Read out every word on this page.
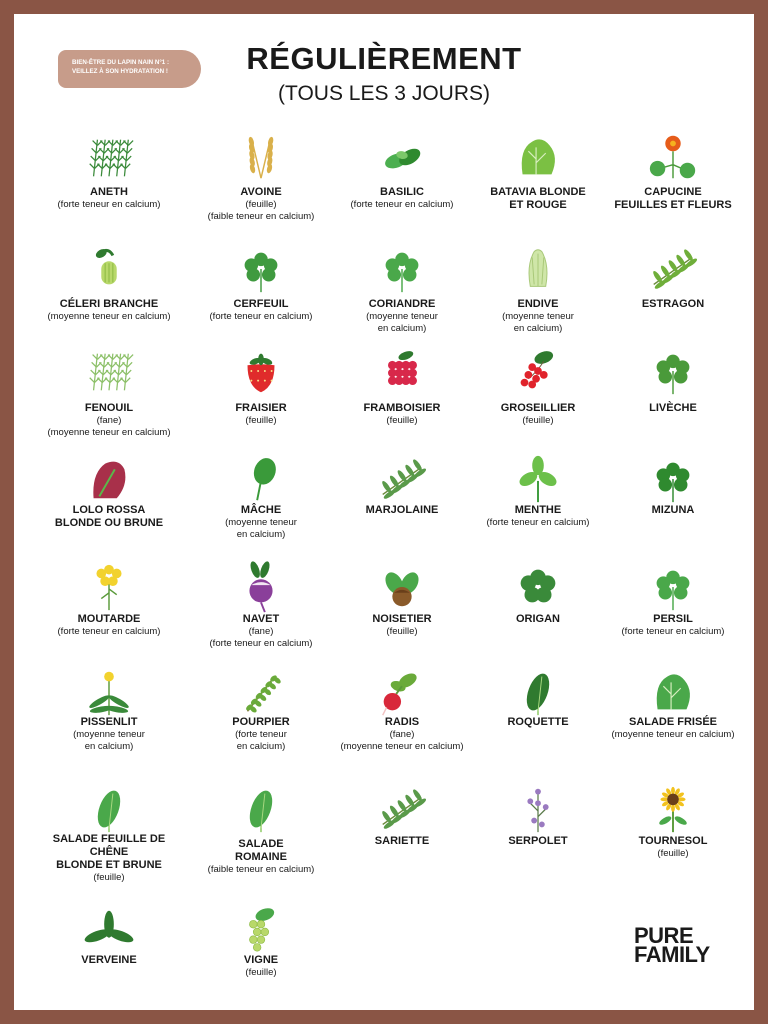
BIEN-ÊTRE DU LAPIN NAIN N°1 :
VEILLEZ À SON HYDRATATION !	RÉGULIÈREMENT
(TOUS LES 3 JOURS)
ANETH
(forte teneur en calcium)
AVOINE
(feuille)
(faible teneur en calcium)
BASILIC
(forte teneur en calcium)
BATAVIA BLONDE
ET ROUGE
CAPUCINE
FEUILLES ET FLEURS
CÉLERI BRANCHE
(moyenne teneur en calcium)
CERFEUIL
(forte teneur en calcium)
CORIANDRE
(moyenne teneur
en calcium)
ENDIVE
(moyenne teneur
en calcium)
ESTRAGON
FENOUIL
(fane)
(moyenne teneur en calcium)
FRAISIER
(feuille)
FRAMBOISIER
(feuille)
GROSEILLIER
(feuille)
LIVÈCHE
LOLO ROSSA
BLONDE OU BRUNE
MÂCHE
(moyenne teneur
en calcium)
MARJOLAINE	MENTHE
(forte teneur en calcium)
MIZUNA
MOUTARDE
(forte teneur en calcium)
NAVET
(fane)
(forte teneur en calcium)
NOISETIER
(feuille)
ORIGAN	PERSIL
(forte teneur en calcium)
PISSENLIT
(moyenne teneur
en calcium)
POURPIER
(forte teneur
en calcium)
RADIS
(fane)
(moyenne teneur en calcium)
ROQUETTE	SALADE FRISÉE
(moyenne teneur en calcium)
SALADE FEUILLE DE CHÊNE
BLONDE ET BRUNE
(feuille)
SALADE
ROMAINE
(faible teneur en calcium)
SARIETTE	SERPOLET	TOURNESOL
(feuille)
VERVEINE	VIGNE
(feuille)
PURE
FAMILY
